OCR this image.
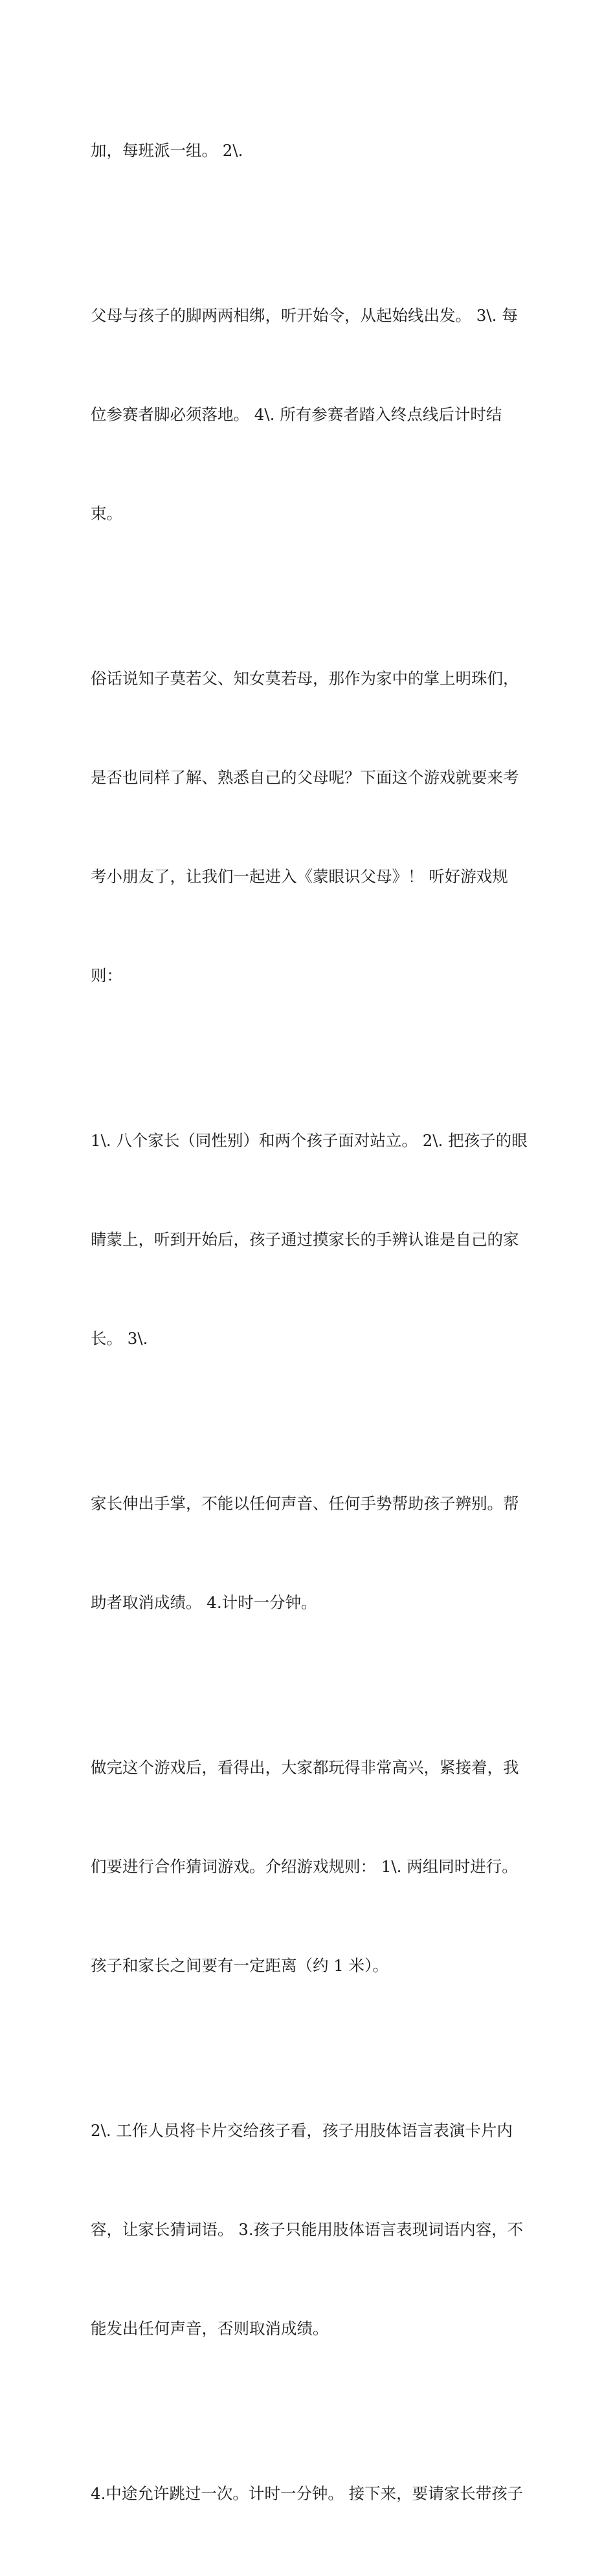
加，每班派一组。 2\.

父母与孩子的脚两两相绑，听开始令，从起始线出发。 3\. 每

位参赛者脚必须落地。 4\. 所有参赛者踏入终点线后计时结

束。

俗话说知子莫若父、知女莫若母，那作为家中的掌上明珠们，

是否也同样了解、熟悉自己的父母呢？下面这个游戏就要来考

考小朋友了，让我们一起进入《蒙眼识父母》！ 听好游戏规

则：

1\. 八个家长（同性别）和两个孩子面对站立。 2\. 把孩子的眼

睛蒙上，听到开始后，孩子通过摸家长的手辨认谁是自己的家

长。 3\.

家长伸出手掌，不能以任何声音、任何手势帮助孩子辨别。帮

助者取消成绩。 4.计时一分钟。

做完这个游戏后，看得出，大家都玩得非常高兴，紧接着，我

们要进行合作猜词游戏。介绍游戏规则： 1\. 两组同时进行。

孩子和家长之间要有一定距离（约 1 米）。

2\. 工作人员将卡片交给孩子看，孩子用肢体语言表演卡片内

容，让家长猜词语。 3.孩子只能用肢体语言表现词语内容，不

能发出任何声音，否则取消成绩。

4.中途允许跳过一次。计时一分钟。 接下来，要请家长带孩子
